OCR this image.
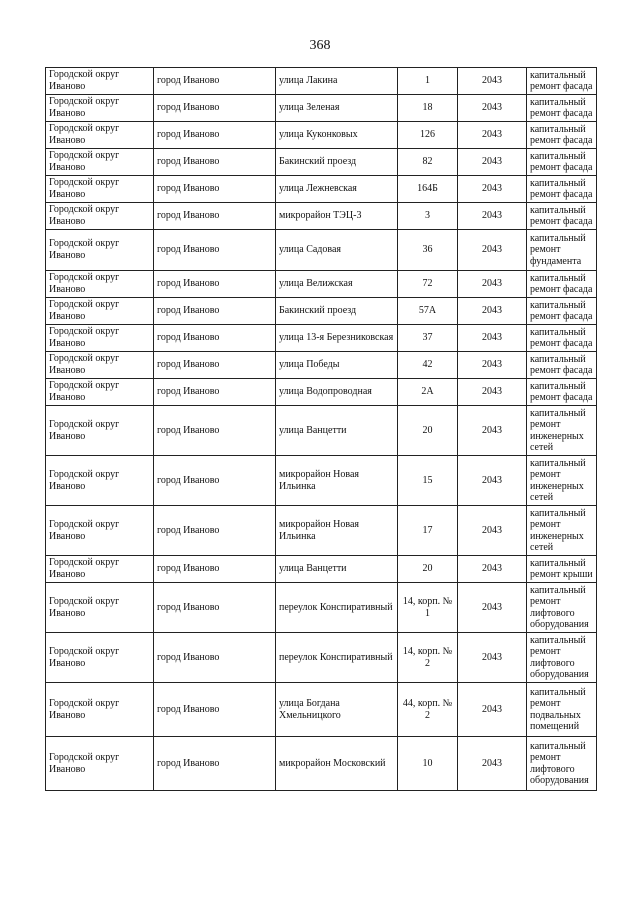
368
Городской округ Иваново	город Иваново	улица Лакина	1	2043	капитальный ремонт фасада
Городской округ Иваново	город Иваново	улица Зеленая	18	2043	капитальный ремонт фасада
Городской округ Иваново	город Иваново	улица Куконковых	126	2043	капитальный ремонт фасада
Городской округ Иваново	город Иваново	Бакинский проезд	82	2043	капитальный ремонт фасада
Городской округ Иваново	город Иваново	улица Лежневская	164Б	2043	капитальный ремонт фасада
Городской округ Иваново	город Иваново	микрорайон ТЭЦ-3	3	2043	капитальный ремонт фасада
Городской округ Иваново	город Иваново	улица Садовая	36	2043	капитальный ремонт фундамента
Городской округ Иваново	город Иваново	улица Велижская	72	2043	капитальный ремонт фасада
Городской округ Иваново	город Иваново	Бакинский проезд	57А	2043	капитальный ремонт фасада
Городской округ Иваново	город Иваново	улица 13-я Березниковская	37	2043	капитальный ремонт фасада
Городской округ Иваново	город Иваново	улица Победы	42	2043	капитальный ремонт фасада
Городской округ Иваново	город Иваново	улица Водопроводная	2А	2043	капитальный ремонт фасада
Городской округ Иваново	город Иваново	улица Ванцетти	20	2043	капитальный ремонт инженерных сетей
Городской округ Иваново	город Иваново	микрорайон Новая Ильинка	15	2043	капитальный ремонт инженерных сетей
Городской округ Иваново	город Иваново	микрорайон Новая Ильинка	17	2043	капитальный ремонт инженерных сетей
Городской округ Иваново	город Иваново	улица Ванцетти	20	2043	капитальный ремонт крыши
Городской округ Иваново	город Иваново	переулок Конспиративный	14, корп. № 1	2043	капитальный ремонт лифтового оборудования
Городской округ Иваново	город Иваново	переулок Конспиративный	14, корп. № 2	2043	капитальный ремонт лифтового оборудования
Городской округ Иваново	город Иваново	улица Богдана Хмельницкого	44, корп. № 2	2043	капитальный ремонт подвальных помещений
Городской округ Иваново	город Иваново	микрорайон Московский	10	2043	капитальный ремонт лифтового оборудования
